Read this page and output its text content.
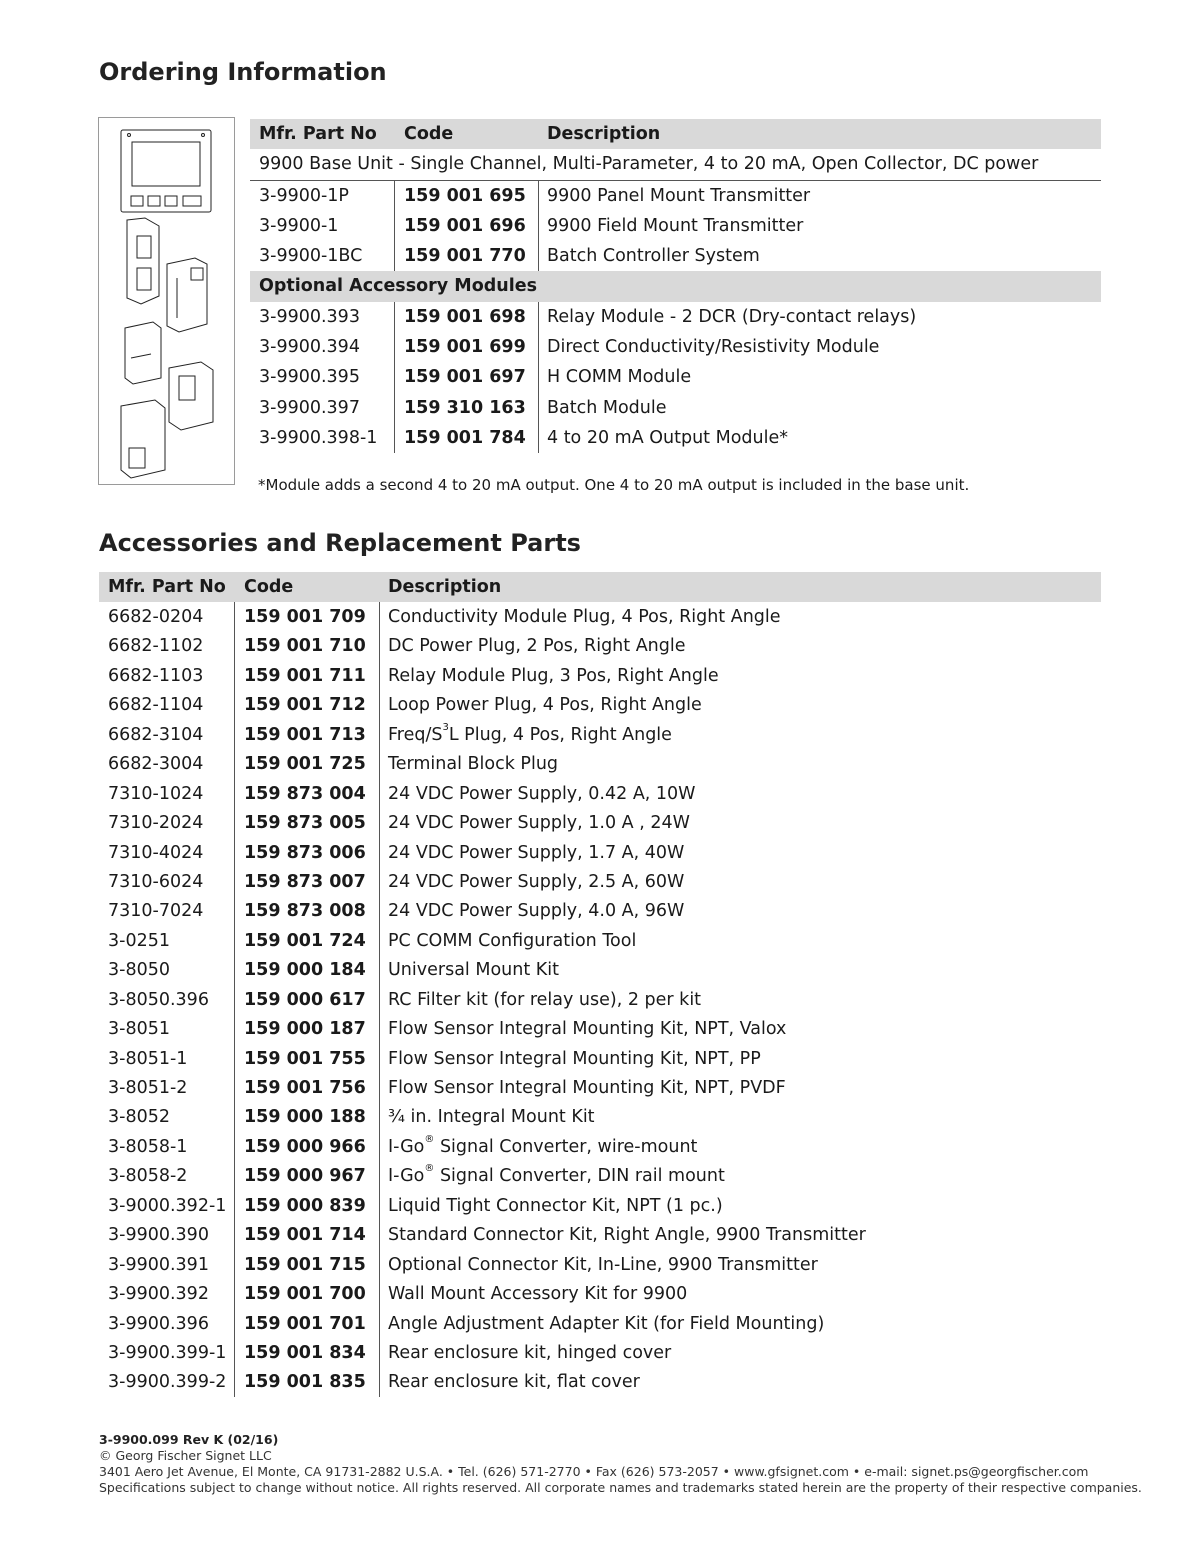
Ordering Information
Mfr. Part No Code	Description
9900 Base Unit - Single Channel, Multi-Parameter, 4 to 20 mA, Open Collector, DC power
3-9900-1P	159 001 695 9900 Panel Mount Transmitter
3-9900-1	159 001 696 9900 Field Mount Transmitter
3-9900-1BC 159 001 770 Batch Controller System
Optional Accessory Modules
3-9900.393	159 001 698 Relay Module - 2 DCR (Dry-contact relays)
3-9900.394	159 001 699 Direct Conductivity/Resistivity Module
3-9900.395	159 001 697 H COMM Module
3-9900.397	159 310 163 Batch Module
3-9900.398-1 159 001 784 4 to 20 mA Output Module*
*Module adds a second 4 to 20 mA output. One 4 to 20 mA output is included in the base unit.
Accessories and Replacement Parts
Mfr. Part No Code	Description
6682-0204 159 001 709 Conductivity Module Plug, 4 Pos, Right Angle
6682-1102 159 001 710 DC Power Plug, 2 Pos, Right Angle
6682-1103 159 001 711 Relay Module Plug, 3 Pos, Right Angle
6682-1104 159 001 712 Loop Power Plug, 4 Pos, Right Angle
6682-3104 159 001 713 Freq/$S^3L$ Plug, 4 Pos, Right Angle
6682-3004 159 001 725 Terminal Block Plug
7310-1024 159 873 004 24 VDC Power Supply, 0.42 A, 10W
7310-2024 159 873 005 24 VDC Power Supply, 1.0 A , 24W
7310-4024 159 873 006 24 VDC Power Supply, 1.7 A, 40W
7310-6024 159 873 007 24 VDC Power Supply, 2.5 A, 60W
7310-7024 159 873 008 24 VDC Power Supply, 4.0 A, 96W
3-0251	159 001 724 PC COMM Configuration Tool
3-8050	159 000 184 Universal Mount Kit
3-8050.396 159 000 617 RC Filter kit (for relay use), 2 per kit
3-8051	159 000 187 Flow Sensor Integral Mounting Kit, NPT, Valox
3-8051-1	159 001 755 Flow Sensor Integral Mounting Kit, NPT, PP
3-8051-2	159 001 756 Flow Sensor Integral Mounting Kit, NPT, PVDF
3-8052	159 000 188 ¾ in. Integral Mount Kit
3-8058-1	159 000 966 I-Go® Signal Converter, wire-mount
3-8058-2	159 000 967 I-Go® Signal Converter, DIN rail mount
3-9000.392-1 159 000 839 Liquid Tight Connector Kit, NPT (1 pc.)
3-9900.390 159 001 714 Standard Connector Kit, Right Angle, 9900 Transmitter
3-9900.391 159 001 715 Optional Connector Kit, In-Line, 9900 Transmitter
3-9900.392 159 001 700 Wall Mount Accessory Kit for 9900
3-9900.396 159 001 701 Angle Adjustment Adapter Kit (for Field Mounting)
3-9900.399-1 159 001 834 Rear enclosure kit, hinged cover
3-9900.399-2 159 001 835 Rear enclosure kit, flat cover
3-9900.099 Rev K (02/16)
© Georg Fischer Signet LLC
3401 Aero Jet Avenue, El Monte, CA 91731-2882 U.S.A. • Tel. (626) 571-2770 • Fax (626) 573-2057 • www.gfsignet.com • e-mail: signet.ps@georgfischer.com
Specifications subject to change without notice. All rights reserved. All corporate names and trademarks stated herein are the property of their respective companies.
